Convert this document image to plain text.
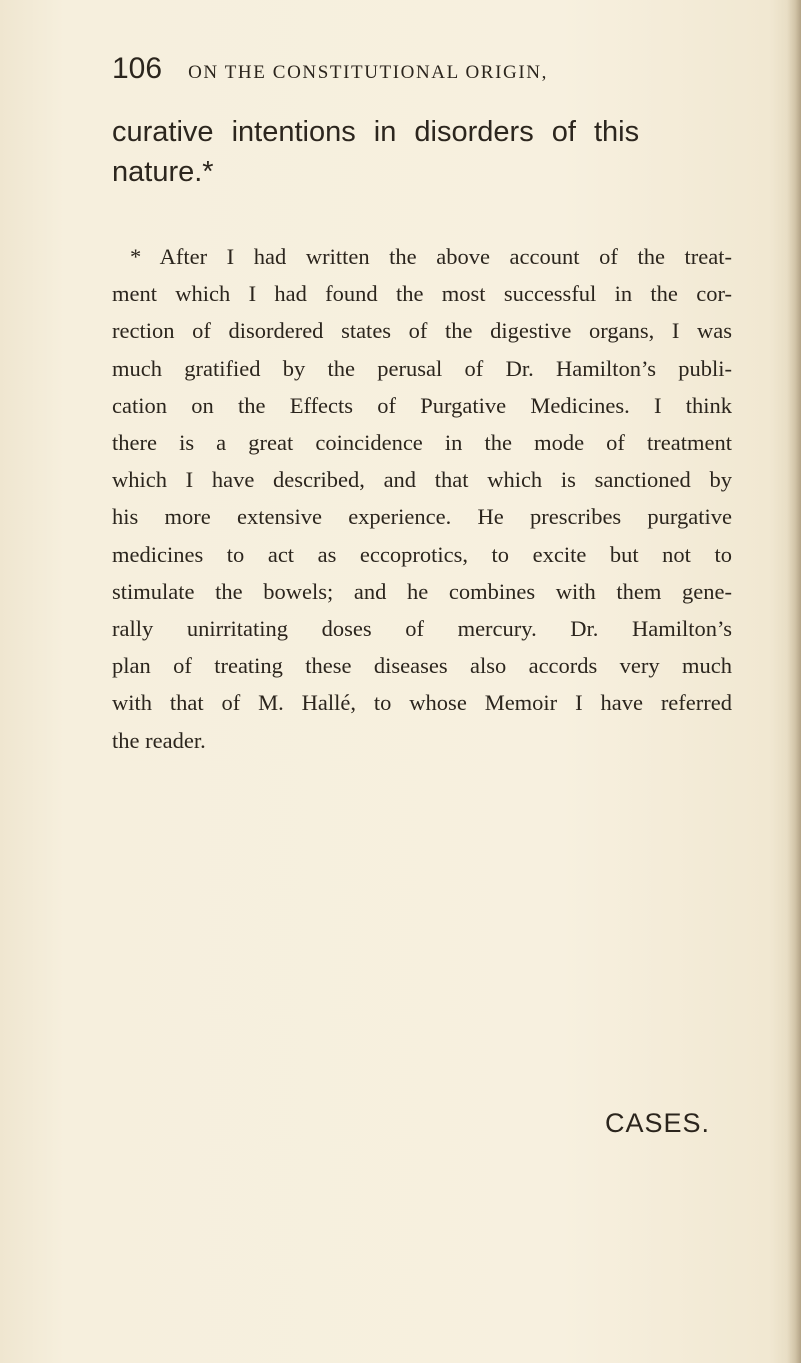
106 ON THE CONSTITUTIONAL ORIGIN,
curative intentions in disorders of this
nature.*
* After I had written the above account of the treat-
ment which I had found the most successful in the cor-
rection of disordered states of the digestive organs, I was
much gratified by the perusal of Dr. Hamilton’s publi-
cation on the Effects of Purgative Medicines. I think
there is a great coincidence in the mode of treatment
which I have described, and that which is sanctioned by
his more extensive experience. He prescribes purgative
medicines to act as eccoprotics, to excite but not to
stimulate the bowels; and he combines with them gene-
rally unirritating doses of mercury. Dr. Hamilton’s
plan of treating these diseases also accords very much
with that of M. Hallé, to whose Memoir I have referred
the reader.
CASES.
